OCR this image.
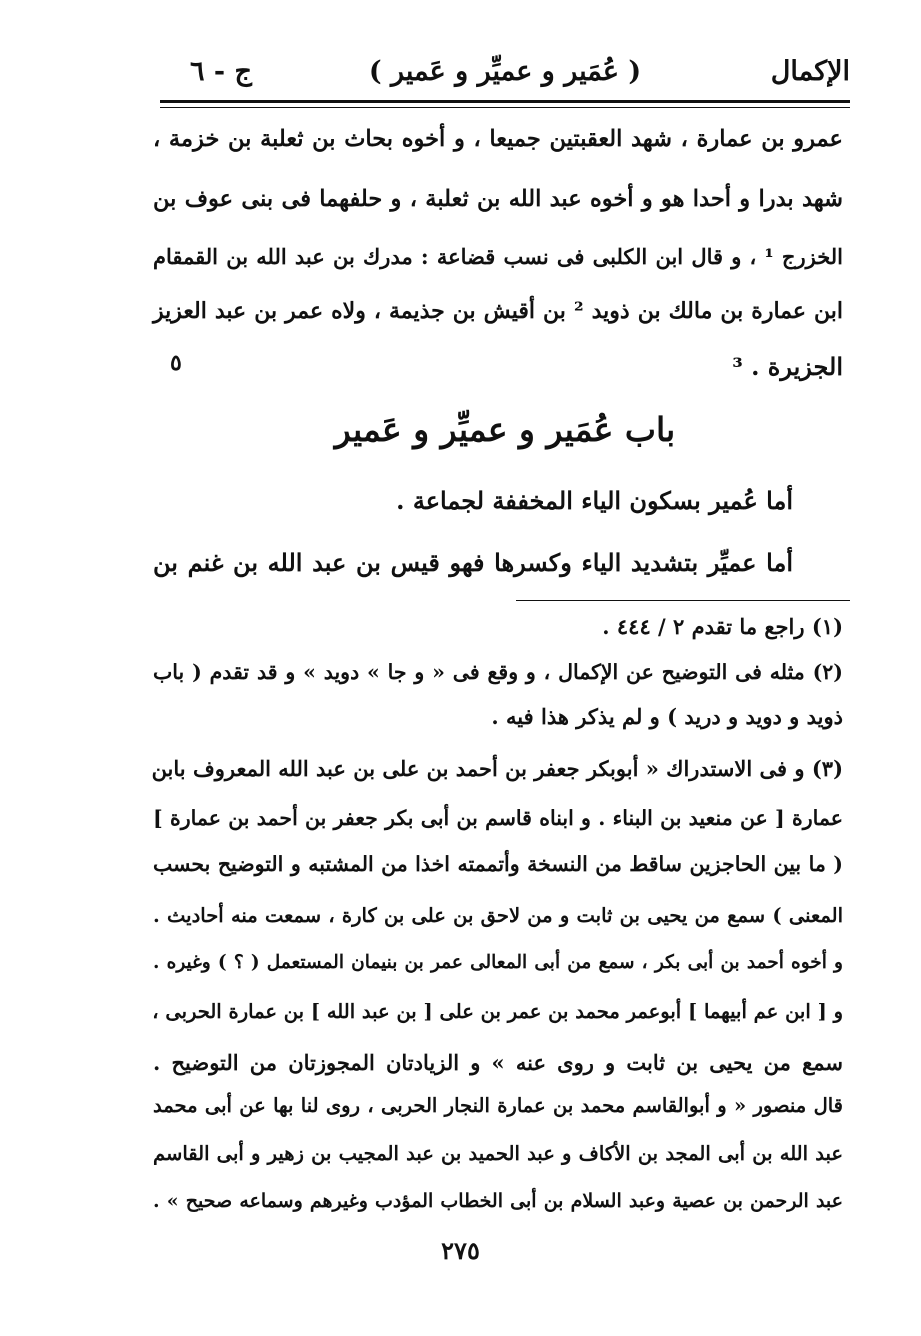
الإكمال
( عُمَير و عميِّر و عَمير )
ج - ٦
عمرو بن عمارة ، شهد العقبتين جميعا ، و أخوه بحاث بن ثعلبة بن خزمة ،
شهد بدرا و أحدا هو و أخوه عبد الله بن ثعلبة ، و حلفهما فى بنى عوف بن
الخزرج ¹ ، و قال ابن الكلبى فى نسب قضاعة : مدرك بن عبد الله بن القمقام
ابن عمارة بن مالك بن ذويد ² بن أقيش بن جذيمة ، ولاه عمر بن عبد العزيز
الجزيرة . ³
٥
باب عُمَير و عميِّر و عَمير
أما عُمير بسكون الياء المخففة لجماعة .
أما عميِّر بتشديد الياء وكسرها فهو قيس بن عبد الله بن غنم بن
(١) راجع ما تقدم ٢ / ٤٤٤ .
(٢) مثله فى التوضيح عن الإكمال ، و وقع فى « و جا » دويد » و قد تقدم ( باب
ذويد و دويد و دريد ) و لم يذكر هذا فيه .
(٣) و فى الاستدراك « أبوبكر جعفر بن أحمد بن على بن عبد الله المعروف بابن
عمارة [ عن منعيد بن البناء . و ابناه قاسم بن أبى بكر جعفر بن أحمد بن عمارة ]
( ما بين الحاجزين ساقط من النسخة وأتممته اخذا من المشتبه و التوضيح بحسب
المعنى ) سمع من يحيى بن ثابت و من لاحق بن على بن كارة ، سمعت منه أحاديث .
و أخوه أحمد بن أبى بكر ، سمع من أبى المعالى عمر بن بنيمان المستعمل ( ؟ ) وغيره .
و [ ابن عم أبيهما ] أبوعمر محمد بن عمر بن على [ بن عبد الله ] بن عمارة الحربى ،
سمع من يحيى بن ثابت و روى عنه » و الزيادتان المجوزتان من التوضيح .
قال منصور « و أبوالقاسم محمد بن عمارة النجار الحربى ، روى لنا بها عن أبى محمد
عبد الله بن أبى المجد بن الأكاف و عبد الحميد بن عبد المجيب بن زهير و أبى القاسم
عبد الرحمن بن عصية وعبد السلام بن أبى الخطاب المؤدب وغيرهم وسماعه صحيح » .
٢٧٥
